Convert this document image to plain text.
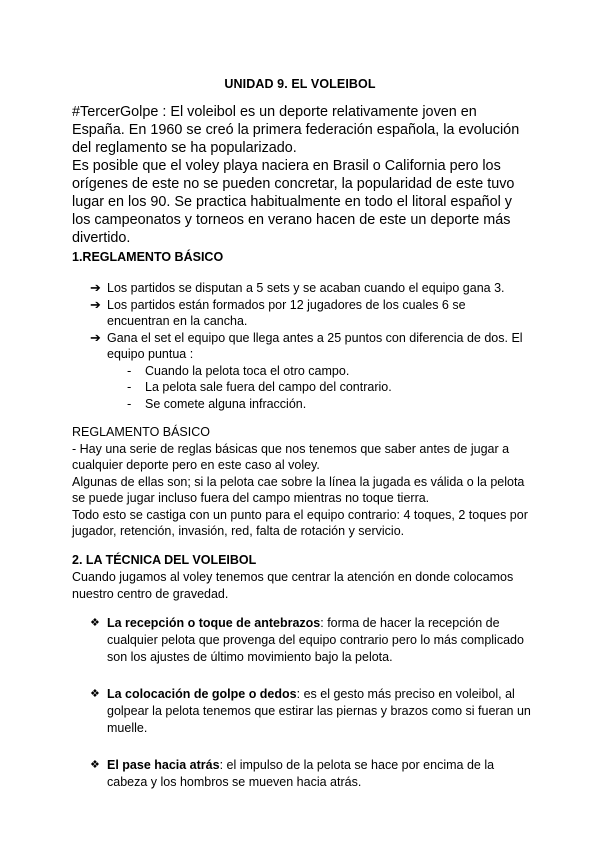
UNIDAD 9. EL VOLEIBOL

#TercerGolpe : El voleibol es un deporte relativamente joven en España. En 1960 se creó la primera federación española, la evolución del reglamento se ha popularizado.

Es posible que el voley playa naciera en Brasil o California pero los orígenes de este no se pueden concretar, la popularidad de este tuvo lugar en los 90. Se practica habitualmente en todo el litoral español y los campeonatos y torneos en verano hacen de este un deporte más divertido.

1.REGLAMENTO BÁSICO
➔ Los partidos se disputan a 5 sets y se acaban cuando el equipo gana 3.
➔ Los partidos están formados por 12 jugadores de los cuales 6 se encuentran en la cancha.
➔ Gana el set el equipo que llega antes a 25 puntos con diferencia de dos. El equipo puntua :
- Cuando la pelota toca el otro campo.
- La pelota sale fuera del campo del contrario.
- Se comete alguna infracción.

REGLAMENTO BÁSICO

- Hay una serie de reglas básicas que nos tenemos que saber antes de jugar a cualquier deporte pero en este caso al voley.

Algunas de ellas son; si la pelota cae sobre la línea la jugada es válida o la pelota se puede jugar incluso fuera del campo mientras no toque tierra.

Todo esto se castiga con un punto para el equipo contrario: 4 toques, 2 toques por jugador, retención, invasión, red, falta de rotación y servicio.

2. LA TÉCNICA DEL VOLEIBOL
Cuando jugamos al voley tenemos que centrar la atención en donde colocamos nuestro centro de gravedad.
❖ La recepción o toque de antebrazos: forma de hacer la recepción de cualquier pelota que provenga del equipo contrario pero lo más complicado son los ajustes de último movimiento bajo la pelota.
❖ La colocación de golpe o dedos: es el gesto más preciso en voleibol, al golpear la pelota tenemos que estirar las piernas y brazos como si fueran un muelle.
❖ El pase hacia atrás: el impulso de la pelota se hace por encima de la cabeza y los hombros se mueven hacia atrás.
